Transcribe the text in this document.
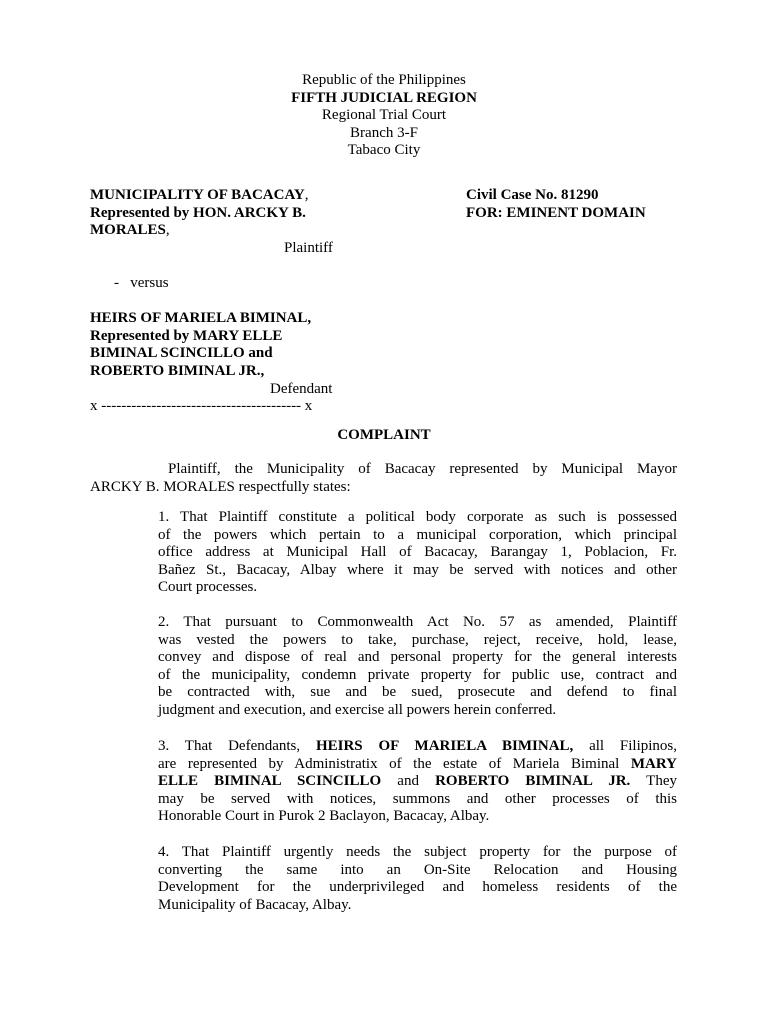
Republic of the Philippines
FIFTH JUDICIAL REGION
Regional Trial Court
Branch 3-F
Tabaco City
MUNICIPALITY OF BACACAY,
Represented by HON. ARCKY B.
MORALES,
Plaintiff
-   versus
HEIRS OF MARIELA BIMINAL,
Represented by MARY ELLE
BIMINAL SCINCILLO and
ROBERTO BIMINAL JR.,
Defendant
x ---------------------------------------- x
Civil Case No. 81290
FOR: EMINENT DOMAIN
COMPLAINT
Plaintiff, the Municipality of Bacacay represented by Municipal Mayor
ARCKY B. MORALES respectfully states:
1. That Plaintiff constitute a political body corporate as such is possessed
of the powers which pertain to a municipal corporation, which principal
office address at Municipal Hall of Bacacay, Barangay 1, Poblacion, Fr.
Bañez St., Bacacay, Albay where it may be served with notices and other
Court processes.
2. That pursuant to Commonwealth Act No. 57 as amended, Plaintiff
was vested the powers to take, purchase, reject, receive, hold, lease,
convey and dispose of real and personal property for the general interests
of the municipality, condemn private property for public use, contract and
be contracted with, sue and be sued, prosecute and defend to final
judgment and execution, and exercise all powers herein conferred.
3. That Defendants, HEIRS OF MARIELA BIMINAL, all Filipinos,
are represented by Administratix of the estate of Mariela Biminal MARY
ELLE BIMINAL SCINCILLO and ROBERTO BIMINAL JR. They
may be served with notices, summons and other processes of this
Honorable Court in Purok 2 Baclayon, Bacacay, Albay.
4. That Plaintiff urgently needs the subject property for the purpose of
converting the same into an On-Site Relocation and Housing
Development for the underprivileged and homeless residents of the
Municipality of Bacacay, Albay.
